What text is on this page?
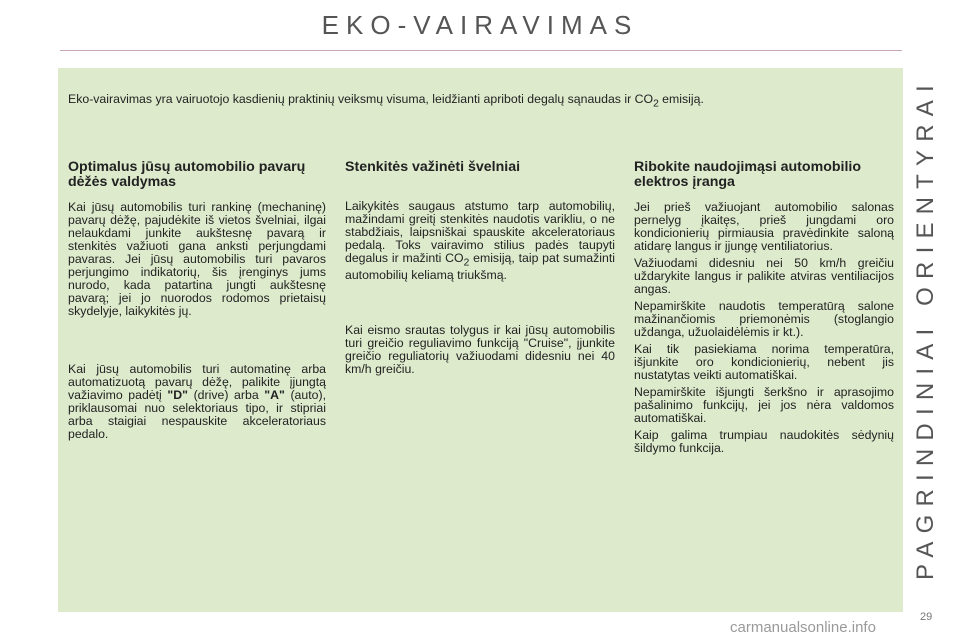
EKO-VAIRAVIMAS
Eko-vairavimas yra vairuotojo kasdienių praktinių veiksmų visuma, leidžianti apriboti degalų sąnaudas ir $CO_2$ emisiją.
Optimalus jūsų automobilio pavarų dėžės valdymas

Kai jūsų automobilis turi rankinę (mechaninę) pavarų dėžę, pajudėkite iš vietos švelniai, ilgai nelaukdami junkite aukštesnę pavarą ir stenkitės važiuoti gana anksti perjungdami pavaras. Jei jūsų automobilis turi pavaros perjungimo indikatorių, šis įrenginys jums nurodo, kada patartina jungti aukštesnę pavarą; jei jo nuorodos rodomos prietaisų skydelyje, laikykitės jų.

Kai jūsų automobilis turi automatinę arba automatizuotą pavarų dėžę, palikite įjungtą važiavimo padėtį "D" (drive) arba "A" (auto), priklausomai nuo selektoriaus tipo, ir stipriai arba staigiai nespauskite akceleratoriaus pedalo.

Stenkitės važinėti švelniai

Laikykitės saugaus atstumo tarp automobilių, mažindami greitį stenkitės naudotis varikliu, o ne stabdžiais, laipsniškai spauskite akceleratoriaus pedalą. Toks vairavimo stilius padės taupyti degalus ir mažinti $CO_2$ emisiją, taip pat sumažinti automobilių keliamą triukšmą.

Kai eismo srautas tolygus ir kai jūsų automobilis turi greičio reguliavimo funkciją "Cruise", įjunkite greičio reguliatorių važiuodami didesniu nei 40 km/h greičiu.

Ribokite naudojimąsi automobilio elektros įranga

Jei prieš važiuojant automobilio salonas pernelyg įkaitęs, prieš jungdami oro kondicionierių pirmiausia pravėdinkite saloną atidarę langus ir įjungę ventiliatorius.

Važiuodami didesniu nei 50 km/h greičiu uždarykite langus ir palikite atviras ventiliacijos angas.

Nepamirškite naudotis temperatūrą salone mažinančiomis priemonėmis (stoglangio uždanga, užuolaidėlėmis ir kt.).

Kai tik pasiekiama norima temperatūra, išjunkite oro kondicionierių, nebent jis nustatytas veikti automatiškai.

Nepamirškite išjungti šerkšno ir aprasojimo pašalinimo funkcijų, jei jos nėra valdomos automatiškai.

Kaip galima trumpiau naudokitės sėdynių šildymo funkcija.	PAGRINDINIAI ORIENTYRAI
29
carmanualsonline.info
